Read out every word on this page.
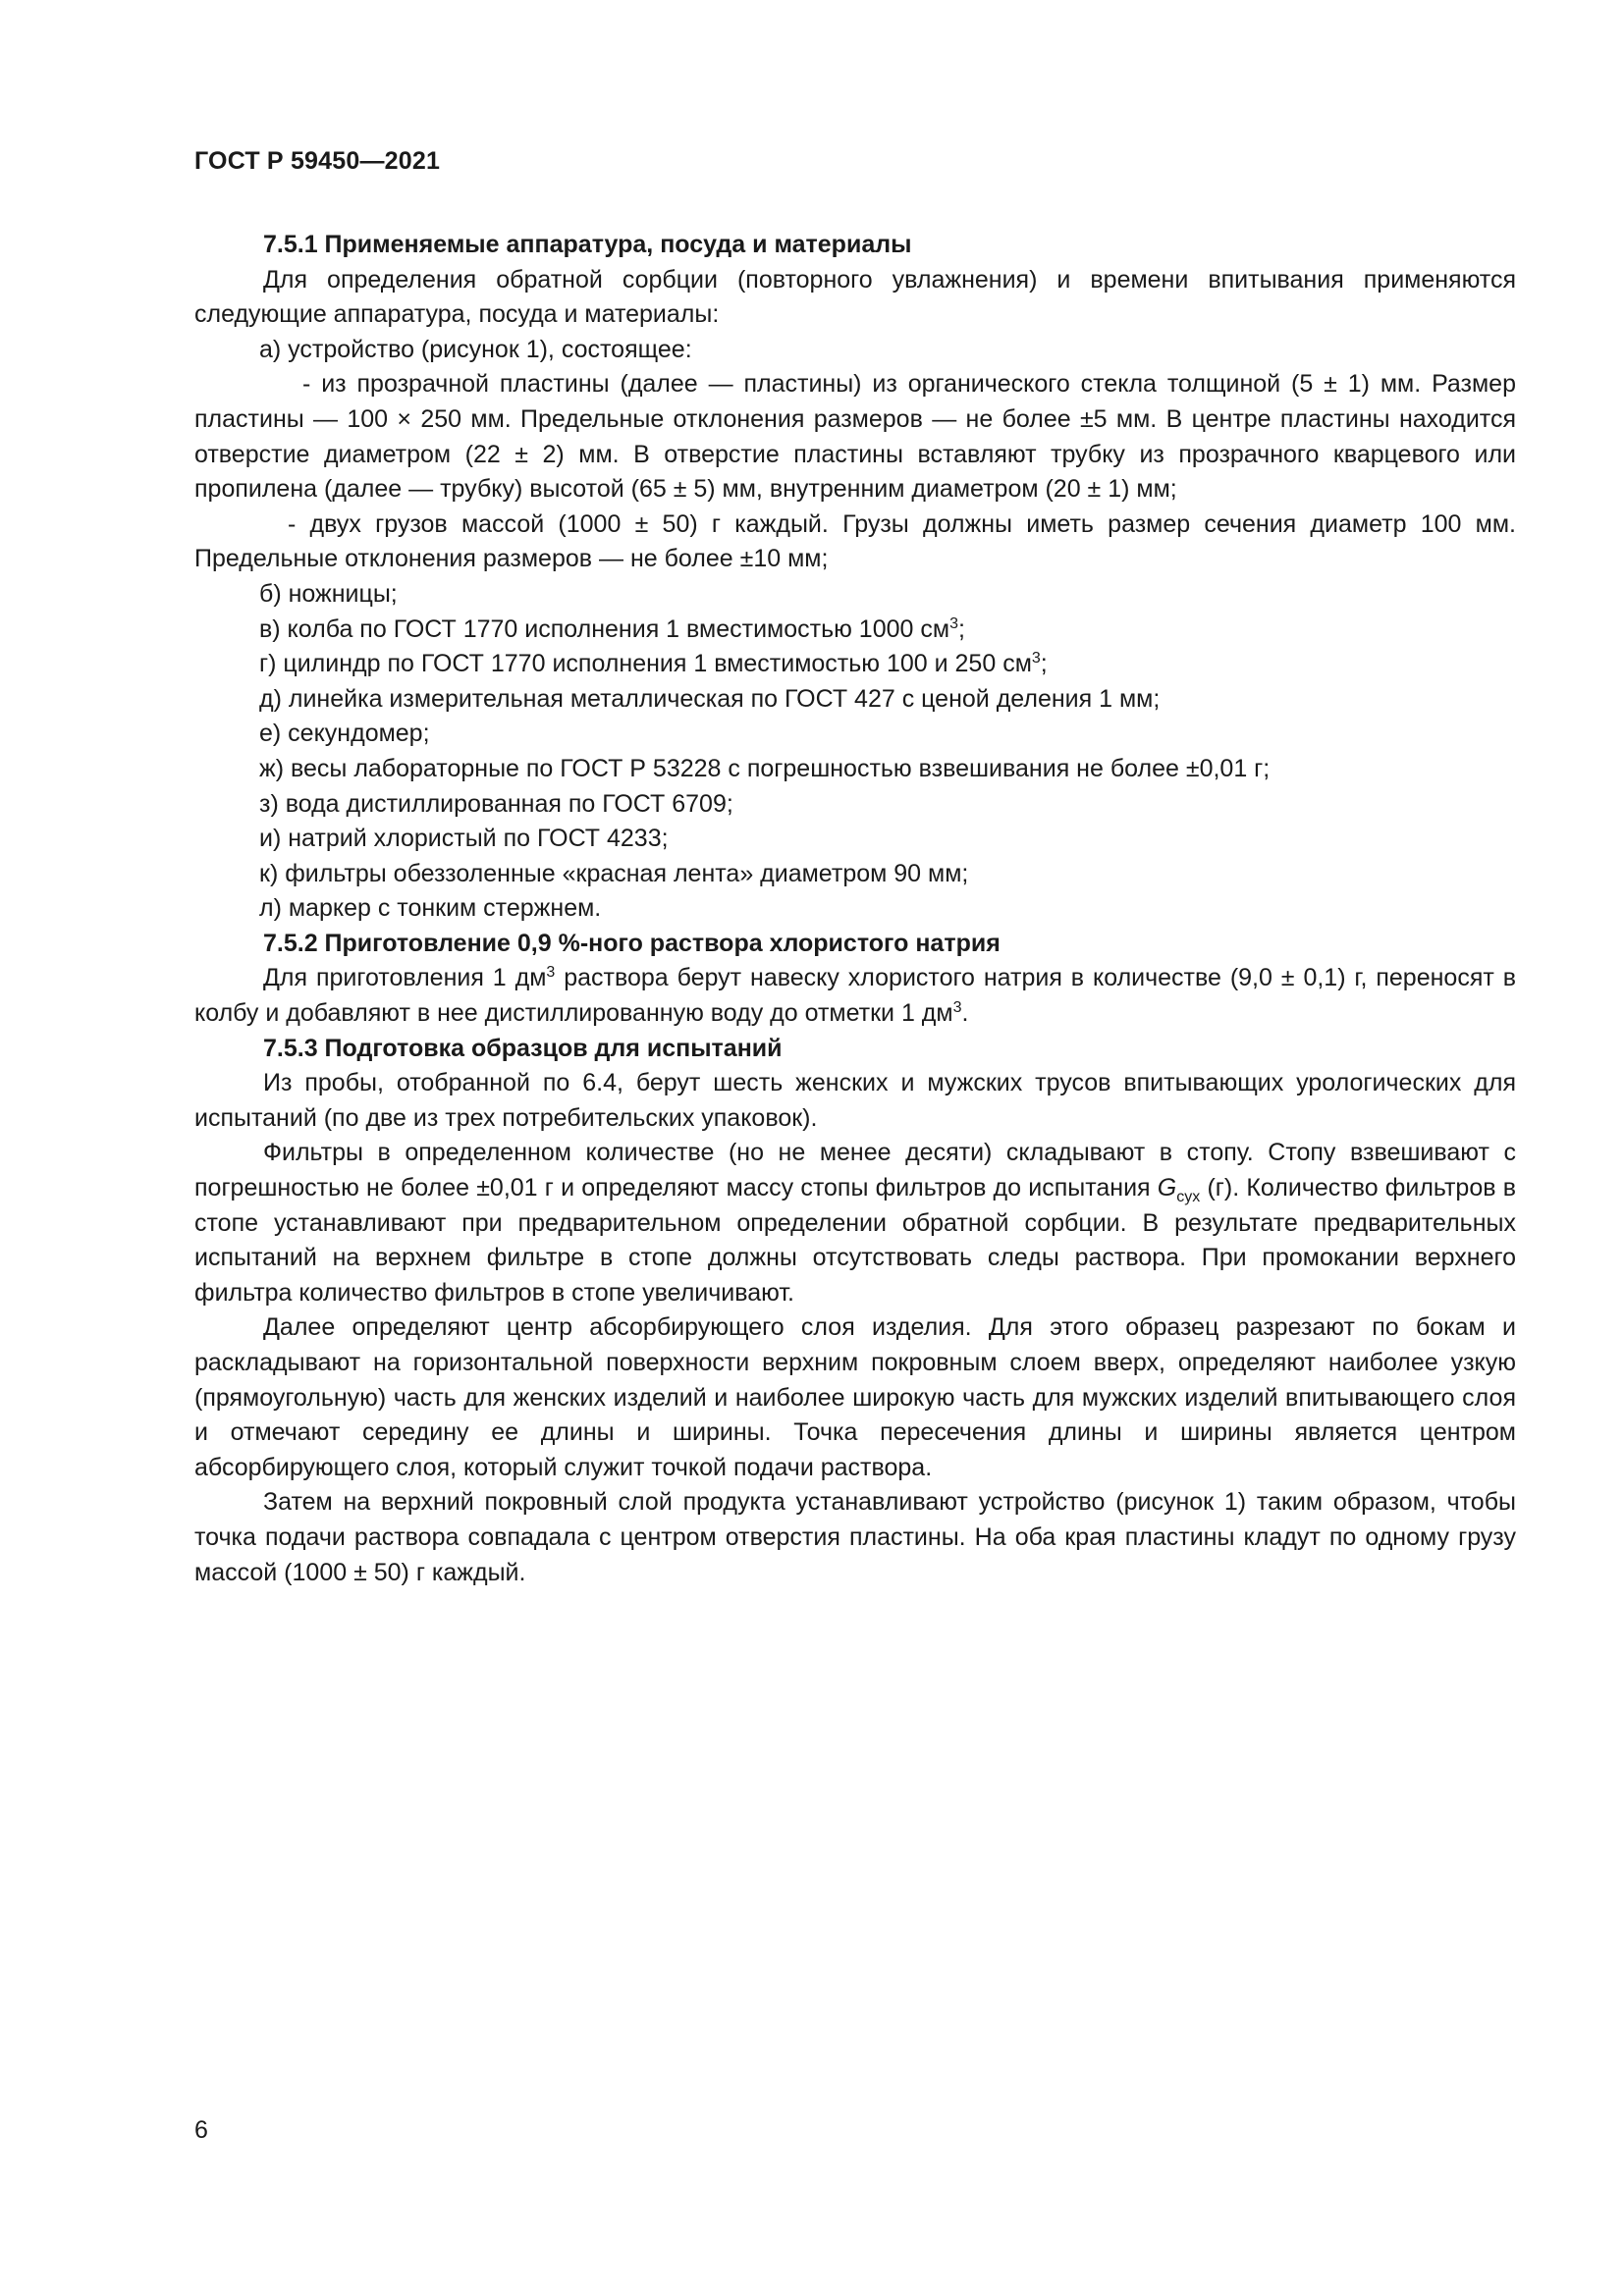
ГОСТ Р 59450—2021

7.5.1 Применяемые аппаратура, посуда и материалы

Для определения обратной сорбции (повторного увлажнения) и времени впитывания применяются следующие аппаратура, посуда и материалы:

а) устройство (рисунок 1), состоящее:

- из прозрачной пластины (далее — пластины) из органического стекла толщиной (5 ± 1) мм. Размер пластины — 100 × 250 мм. Предельные отклонения размеров — не более ±5 мм. В центре пластины находится отверстие диаметром (22 ± 2) мм. В отверстие пластины вставляют трубку из прозрачного кварцевого или пропилена (далее — трубку) высотой (65 ± 5) мм, внутренним диаметром (20 ± 1) мм;

- двух грузов массой (1000 ± 50) г каждый. Грузы должны иметь размер сечения диаметр 100 мм. Предельные отклонения размеров — не более ±10 мм;

б) ножницы;

в) колба по ГОСТ 1770 исполнения 1 вместимостью 1000 $см^3$;

г) цилиндр по ГОСТ 1770 исполнения 1 вместимостью 100 и 250 $см^3$;

д) линейка измерительная металлическая по ГОСТ 427 с ценой деления 1 мм;

е) секундомер;

ж) весы лабораторные по ГОСТ Р 53228 с погрешностью взвешивания не более ±0,01 г;

з) вода дистиллированная по ГОСТ 6709;

и) натрий хлористый по ГОСТ 4233;

к) фильтры обеззоленные «красная лента» диаметром 90 мм;

л) маркер с тонким стержнем.

7.5.2 Приготовление 0,9 %-ного раствора хлористого натрия

Для приготовления 1 $дм^3$ раствора берут навеску хлористого натрия в количестве (9,0 ± 0,1) г, переносят в колбу и добавляют в нее дистиллированную воду до отметки 1 $дм^3$.

7.5.3 Подготовка образцов для испытаний

Из пробы, отобранной по 6.4, берут шесть женских и мужских трусов впитывающих урологических для испытаний (по две из трех потребительских упаковок).

Фильтры в определенном количестве (но не менее десяти) складывают в стопу. Стопу взвешивают с погрешностью не более ±0,01 г и определяют массу стопы фильтров до испытания $G_{сух}$ (г). Количество фильтров в стопе устанавливают при предварительном определении обратной сорбции. В результате предварительных испытаний на верхнем фильтре в стопе должны отсутствовать следы раствора. При промокании верхнего фильтра количество фильтров в стопе увеличивают.

Далее определяют центр абсорбирующего слоя изделия. Для этого образец разрезают по бокам и раскладывают на горизонтальной поверхности верхним покровным слоем вверх, определяют наиболее узкую (прямоугольную) часть для женских изделий и наиболее широкую часть для мужских изделий впитывающего слоя и отмечают середину ее длины и ширины. Точка пересечения длины и ширины является центром абсорбирующего слоя, который служит точкой подачи раствора.

Затем на верхний покровный слой продукта устанавливают устройство (рисунок 1) таким образом, чтобы точка подачи раствора совпадала с центром отверстия пластины. На оба края пластины кладут по одному грузу массой (1000 ± 50) г каждый.

6
